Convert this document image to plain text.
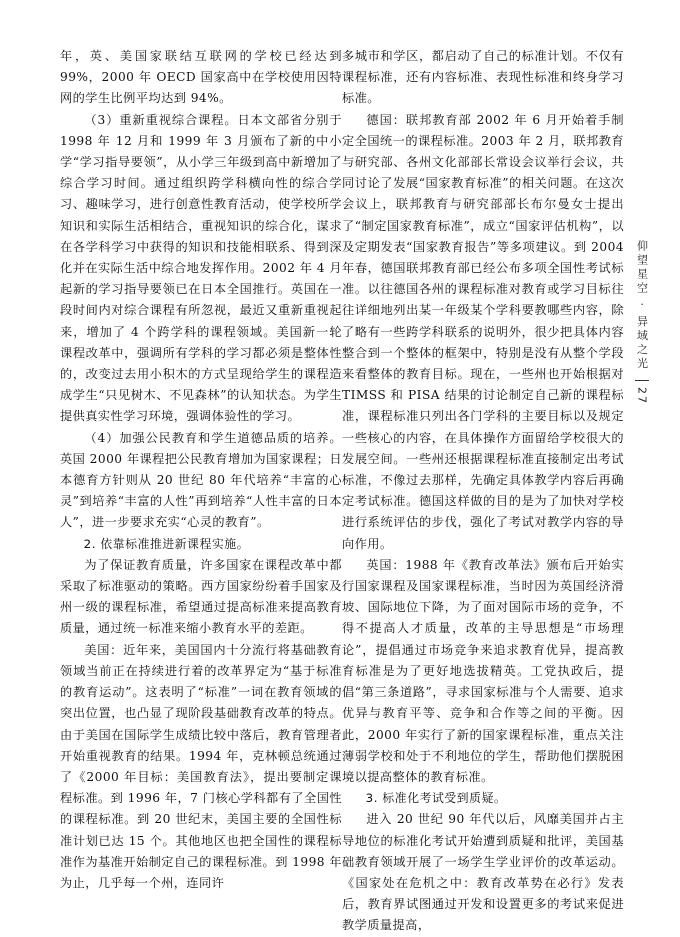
年，英、美国家联结互联网的学校已经达到 99%，2000 年 OECD 国家高中在学校使用因特网的学生比例平均达到 94%。

（3）重新重视综合课程。日本文部省分别于 1998 年 12 月和 1999 年 3 月颁布了新的中小学“学习指导要领”，从小学三年级到高中新增加了综合学习时间。通过组织跨学科横向性的综合学习、趣味学习，进行创意性教育活动，使学校所学知识和实际生活相结合，重视知识的综合化，谋求在各学科学习中获得的知识和技能相联系、得到深化并在实际生活中综合地发挥作用。2002 年 4 月起新的学习指导要领已在日本全国推行。英国在一段时间内对综合课程有所忽视，最近又重新重视起来，增加了 4 个跨学科的课程领域。美国新一轮课程改革中，强调所有学科的学习都必须是整体性的，改变过去用小积木的方式呈现给学生的课程造成学生“只见树木、不见森林”的认知状态。为学生提供真实性学习环境，强调体验性的学习。

（4）加强公民教育和学生道德品质的培养。英国 2000 年课程把公民教育增加为国家课程；日本德育方针则从 20 世纪 80 年代培养“丰富的心灵”到培养“丰富的人性”再到培养“人性丰富的日本人”，进一步要求充实“心灵的教育”。

2. 依靠标准推进新课程实施。

为了保证教育质量，许多国家在课程改革中都采取了标准驱动的策略。西方国家纷纷着手国家及州一级的课程标准，希望通过提高标准来提高教育质量，通过统一标准来缩小教育水平的差距。

美国：近年来，美国国内十分流行将基础教育领域当前正在持续进行着的改革界定为“基于标准的教育运动”。这表明了“标准”一词在教育领域的突出位置，也凸显了现阶段基础教育改革的特点。由于美国在国际学生成绩比较中落后，教育管理者开始重视教育的结果。1994 年，克林顿总统通过了《2000 年目标：美国教育法》，提出要制定课程标准。到 1996 年，7 门核心学科都有了全国性的课程标准。到 20 世纪末，美国主要的全国性标准计划已达 15 个。其他地区也把全国性的课程标准作为基准开始制定自己的课程标准。到 1998 年为止，几乎每一个州，连同许

多城市和学区，都启动了自己的标准计划。不仅有课程标准，还有内容标准、表现性标准和终身学习标准。

德国：联邦教育部 2002 年 6 月开始着手制定全国统一的课程标准。2003 年 2 月，联邦教育与研究部、各州文化部部长常设会议举行会议，共同讨论了发展“国家教育标准”的相关问题。在这次会议上，联邦教育与研究部部长布尔曼女士提出了“制定国家教育标准”，成立“国家评估机构”，以及定期发表“国家教育报告”等多项建议。到 2004 年春，德国联邦教育部已经公布多项全国性考试标准。以往德国各州的课程标准对教育或学习目标往往详细地列出某一年级某个学科要教哪些内容，除了略有一些跨学科联系的说明外，很少把具体内容整合到一个整体的框架中，特别是没有从整个学段来看整体的教育目标。现在，一些州也开始根据对 TIMSS 和 PISA 结果的讨论制定自己新的课程标准，课程标准只列出各门学科的主要目标以及规定一些核心的内容，在具体操作方面留给学校很大的发展空间。一些州还根据课程标准直接制定出考试标准，不像过去那样，先确定具体教学内容后再确定考试标准。德国这样做的目的是为了加快对学校进行系统评估的步伐，强化了考试对教学内容的导向作用。

英国：1988 年《教育改革法》颁布后开始实行国家课程及国家课程标准，当时因为英国经济滑坡、国际地位下降，为了面对国际市场的竞争，不得不提高人才质量，改革的主导思想是“市场理论”，提倡通过市场竞争来追求教育优异，提高教育标准是为了更好地选拔精英。工党执政后，提倡“第三条道路”，寻求国家标准与个人需要、追求优异与教育平等、竞争和合作等之间的平衡。因此，2000 年实行了新的国家课程标准，重点关注薄弱学校和处于不利地位的学生，帮助他们摆脱困境以提高整体的教育标准。

3. 标准化考试受到质疑。

进入 20 世纪 90 年代以后，风靡美国并占主导地位的标准化考试开始遭到质疑和批评，美国基础教育领域开展了一场学生学业评价的改革运动。《国家处在危机之中：教育改革势在必行》发表后，教育界试图通过开发和设置更多的考试来促进教学质量提高，

仰望星空 · 异域之光
27
